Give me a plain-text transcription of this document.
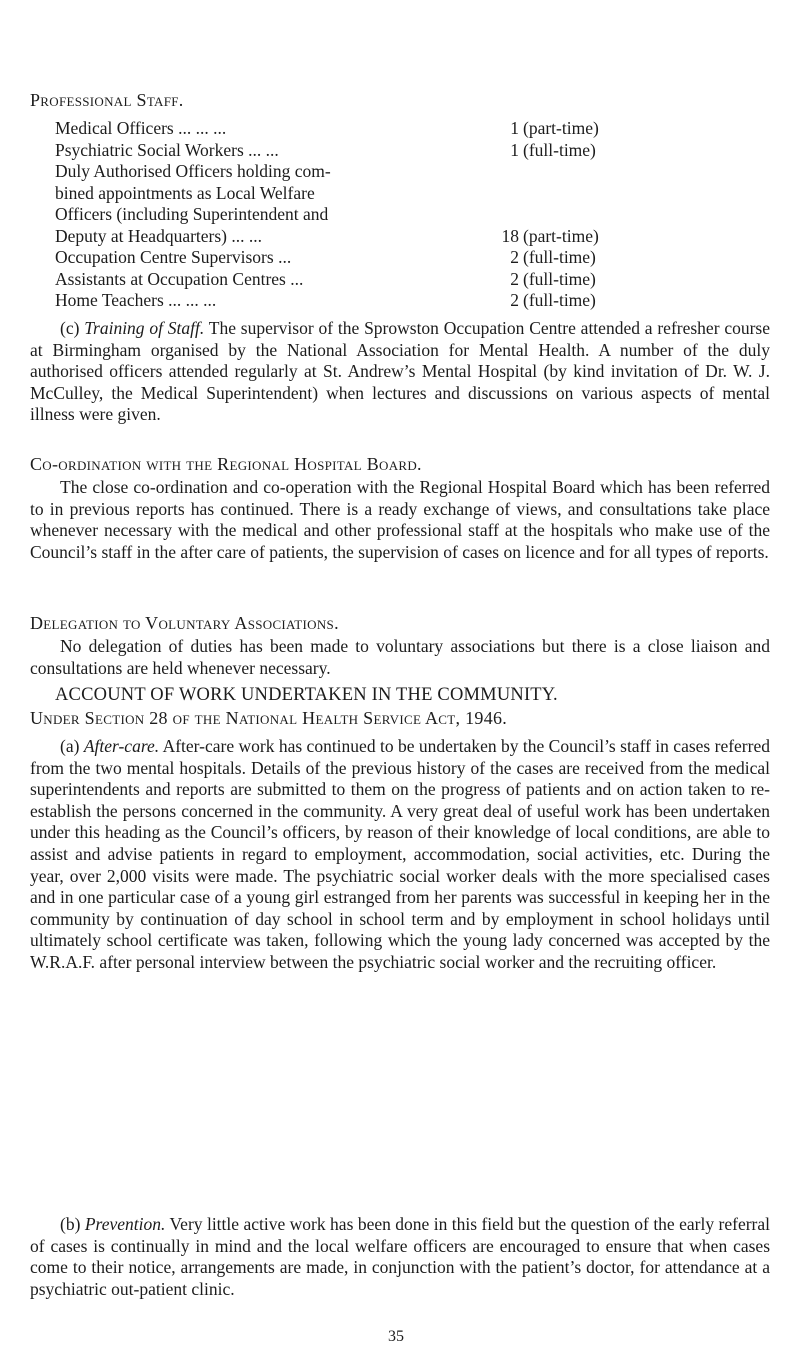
Professional Staff.
Medical Officers ... ... ...	1 (part-time)
Psychiatric Social Workers ... ...	1 (full-time)
Duly Authorised Officers holding com-
bined appointments as Local Welfare
Officers (including Superintendent and
Deputy at Headquarters) ... ...	18 (part-time)
Occupation Centre Supervisors ...	2 (full-time)
Assistants at Occupation Centres ...	2 (full-time)
Home Teachers ... ... ...	2 (full-time)
(c) Training of Staff. The supervisor of the Sprowston Occupation Centre attended a refresher course at Birmingham organised by the National Association for Mental Health. A number of the duly authorised officers attended regularly at St. Andrew’s Mental Hospital (by kind invitation of Dr. W. J. McCulley, the Medical Superintendent) when lectures and discussions on various aspects of mental illness were given.
Co-ordination with the Regional Hospital Board.
The close co-ordination and co-operation with the Regional Hospital Board which has been referred to in previous reports has continued. There is a ready exchange of views, and consultations take place whenever necessary with the medical and other professional staff at the hospitals who make use of the Council’s staff in the after care of patients, the supervision of cases on licence and for all types of reports.
Delegation to Voluntary Associations.
No delegation of duties has been made to voluntary associations but there is a close liaison and consultations are held whenever necessary.
ACCOUNT OF WORK UNDERTAKEN IN THE COMMUNITY.
Under Section 28 of the National Health Service Act, 1946.
(a) After-care. After-care work has continued to be undertaken by the Council’s staff in cases referred from the two mental hospitals. Details of the previous history of the cases are received from the medical superintendents and reports are submitted to them on the progress of patients and on action taken to re-establish the persons concerned in the community. A very great deal of useful work has been undertaken under this heading as the Council’s officers, by reason of their knowledge of local conditions, are able to assist and advise patients in regard to employment, accommodation, social activities, etc. During the year, over 2,000 visits were made. The psychiatric social worker deals with the more specialised cases and in one particular case of a young girl estranged from her parents was successful in keeping her in the community by continuation of day school in school term and by employment in school holidays until ultimately school certificate was taken, following which the young lady concerned was accepted by the W.R.A.F. after personal interview between the psychiatric social worker and the recruiting officer.
(b) Prevention. Very little active work has been done in this field but the question of the early referral of cases is continually in mind and the local welfare officers are encouraged to ensure that when cases come to their notice, arrangements are made, in conjunction with the patient’s doctor, for attendance at a psychiatric out-patient clinic.
35
